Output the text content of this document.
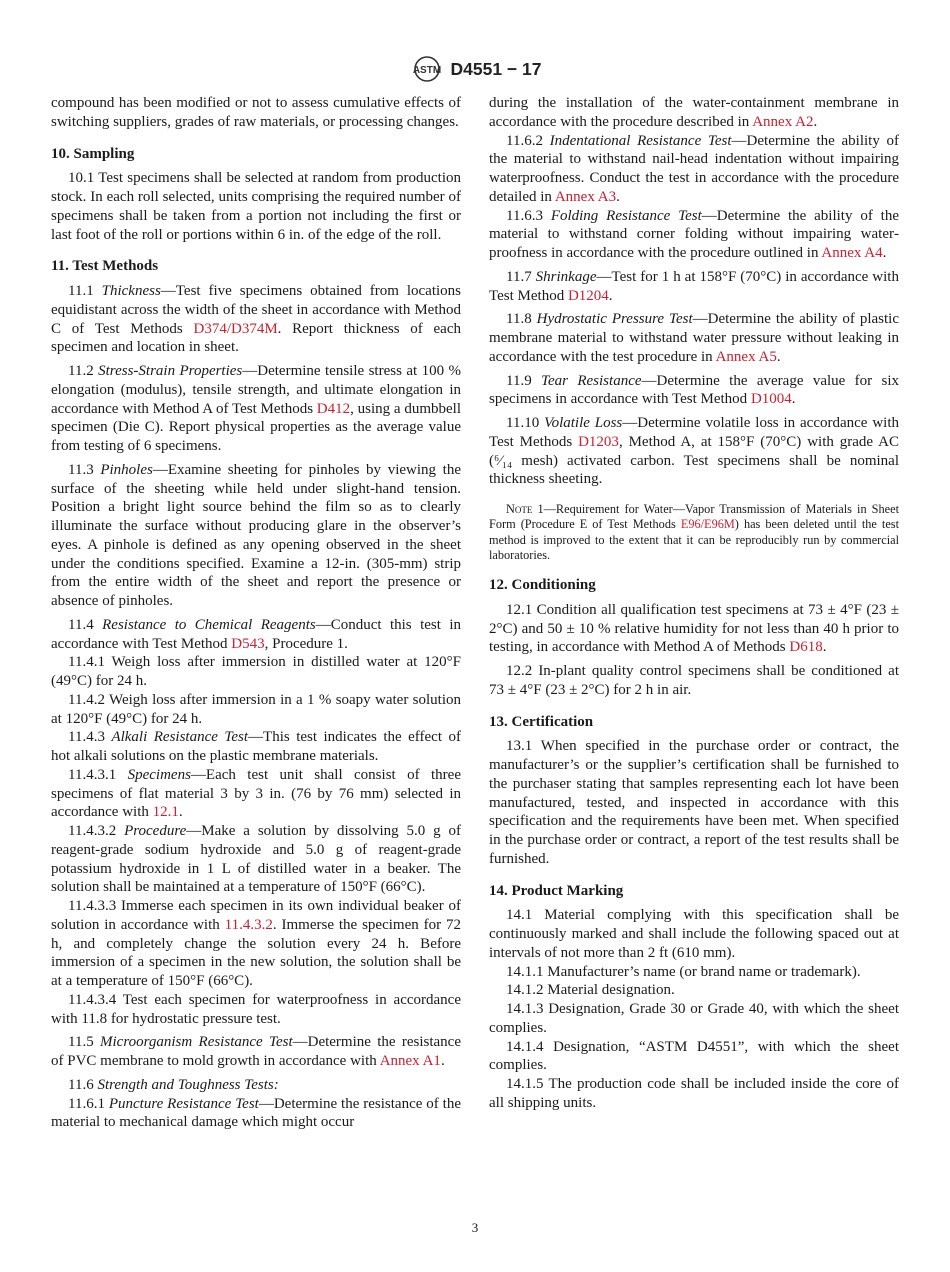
ASTM D4551 − 17

compound has been modified or not to assess cumulative effects of switching suppliers, grades of raw materials, or processing changes.

10. Sampling

10.1 Test specimens shall be selected at random from production stock. In each roll selected, units comprising the required number of specimens shall be taken from a portion not including the first or last foot of the roll or portions within 6 in. of the edge of the roll.

11. Test Methods

11.1 Thickness—Test five specimens obtained from locations equidistant across the width of the sheet in accordance with Method C of Test Methods D374/D374M. Report thickness of each specimen and location in sheet.

11.2 Stress-Strain Properties—Determine tensile stress at 100 % elongation (modulus), tensile strength, and ultimate elongation in accordance with Method A of Test Methods D412, using a dumbbell specimen (Die C). Report physical properties as the average value from testing of 6 specimens.

11.3 Pinholes—Examine sheeting for pinholes by viewing the surface of the sheeting while held under slight-hand tension. Position a bright light source behind the film so as to clearly illuminate the surface without producing glare in the observer’s eyes. A pinhole is defined as any opening observed in the sheet under the conditions specified. Examine a 12-in. (305-mm) strip from the entire width of the sheet and report the presence or absence of pinholes.

11.4 Resistance to Chemical Reagents—Conduct this test in accordance with Test Method D543, Procedure 1.

11.4.1 Weigh loss after immersion in distilled water at 120°F (49°C) for 24 h.

11.4.2 Weigh loss after immersion in a 1 % soapy water solution at 120°F (49°C) for 24 h.

11.4.3 Alkali Resistance Test—This test indicates the effect of hot alkali solutions on the plastic membrane materials.

11.4.3.1 Specimens—Each test unit shall consist of three specimens of flat material 3 by 3 in. (76 by 76 mm) selected in accordance with 12.1.

11.4.3.2 Procedure—Make a solution by dissolving 5.0 g of reagent-grade sodium hydroxide and 5.0 g of reagent-grade potassium hydroxide in 1 L of distilled water in a beaker. The solution shall be maintained at a temperature of 150°F (66°C).

11.4.3.3 Immerse each specimen in its own individual beaker of solution in accordance with 11.4.3.2. Immerse the specimen for 72 h, and completely change the solution every 24 h. Before immersion of a specimen in the new solution, the solution shall be at a temperature of 150°F (66°C).

11.4.3.4 Test each specimen for waterproofness in accordance with 11.8 for hydrostatic pressure test.

11.5 Microorganism Resistance Test—Determine the resistance of PVC membrane to mold growth in accordance with Annex A1.

11.6 Strength and Toughness Tests:

11.6.1 Puncture Resistance Test—Determine the resistance of the material to mechanical damage which might occur

during the installation of the water-containment membrane in accordance with the procedure described in Annex A2.

11.6.2 Indentational Resistance Test—Determine the ability of the material to withstand nail-head indentation without impairing waterproofness. Conduct the test in accordance with the procedure detailed in Annex A3.

11.6.3 Folding Resistance Test—Determine the ability of the material to withstand corner folding without impairing waterproofness in accordance with the procedure outlined in Annex A4.

11.7 Shrinkage—Test for 1 h at 158°F (70°C) in accordance with Test Method D1204.

11.8 Hydrostatic Pressure Test—Determine the ability of plastic membrane material to withstand water pressure without leaking in accordance with the test procedure in Annex A5.

11.9 Tear Resistance—Determine the average value for six specimens in accordance with Test Method D1004.

11.10 Volatile Loss—Determine volatile loss in accordance with Test Methods D1203, Method A, at 158°F (70°C) with grade AC (⁶⁄₁₄ mesh) activated carbon. Test specimens shall be nominal thickness sheeting.

Note 1—Requirement for Water—Vapor Transmission of Materials in Sheet Form (Procedure E of Test Methods E96/E96M) has been deleted until the test method is improved to the extent that it can be reproducibly run by commercial laboratories.

12. Conditioning

12.1 Condition all qualification test specimens at 73 ± 4°F (23 ± 2°C) and 50 ± 10 % relative humidity for not less than 40 h prior to testing, in accordance with Method A of Methods D618.

12.2 In-plant quality control specimens shall be conditioned at 73 ± 4°F (23 ± 2°C) for 2 h in air.

13. Certification

13.1 When specified in the purchase order or contract, the manufacturer’s or the supplier’s certification shall be furnished to the purchaser stating that samples representing each lot have been manufactured, tested, and inspected in accordance with this specification and the requirements have been met. When specified in the purchase order or contract, a report of the test results shall be furnished.

14. Product Marking

14.1 Material complying with this specification shall be continuously marked and shall include the following spaced out at intervals of not more than 2 ft (610 mm).

14.1.1 Manufacturer’s name (or brand name or trademark).

14.1.2 Material designation.

14.1.3 Designation, Grade 30 or Grade 40, with which the sheet complies.

14.1.4 Designation, “ASTM D4551”, with which the sheet complies.

14.1.5 The production code shall be included inside the core of all shipping units.

3
